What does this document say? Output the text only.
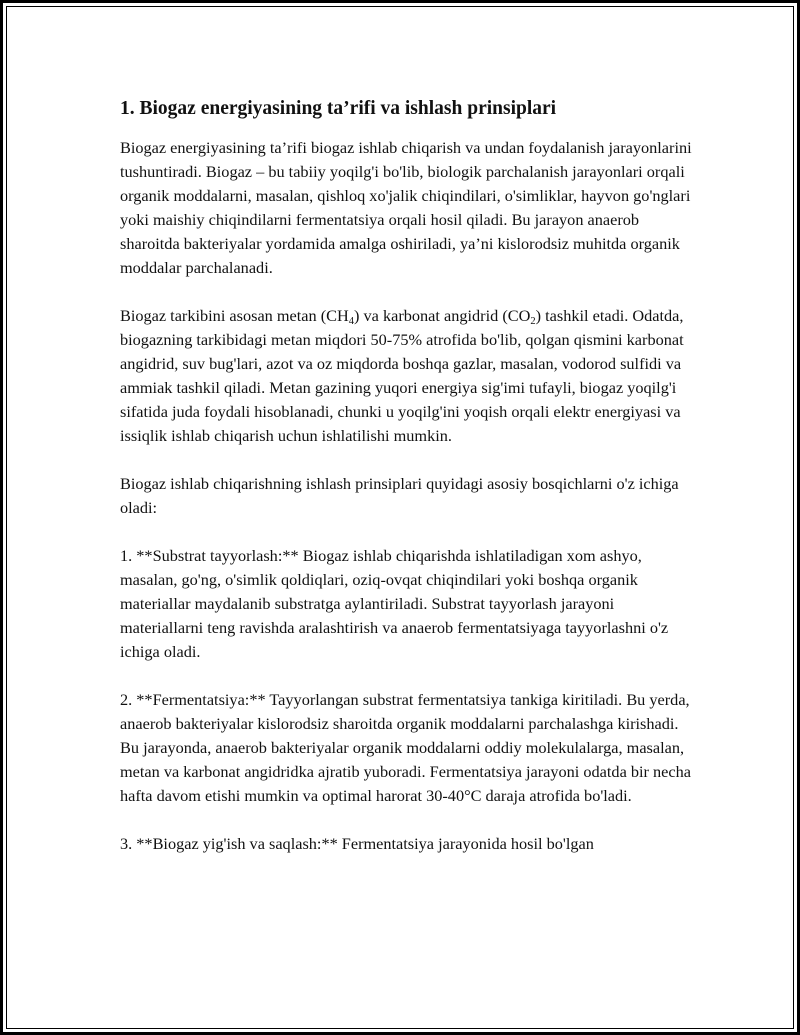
1. Biogaz energiyasining ta’rifi va ishlash prinsiplari

Biogaz energiyasining ta’rifi biogaz ishlab chiqarish va undan foydalanish jarayonlarini tushuntiradi. Biogaz – bu tabiiy yoqilg'i bo'lib, biologik parchalanish jarayonlari orqali organik moddalarni, masalan, qishloq xo'jalik chiqindilari, o'simliklar, hayvon go'nglari yoki maishiy chiqindilarni fermentatsiya orqali hosil qiladi. Bu jarayon anaerob sharoitda bakteriyalar yordamida amalga oshiriladi, ya’ni kislorodsiz muhitda organik moddalar parchalanadi.

Biogaz tarkibini asosan metan $(CH_4)$ va karbonat angidrid $(CO_2)$ tashkil etadi. Odatda, biogazning tarkibidagi metan miqdori 50-75% atrofida bo'lib, qolgan qismini karbonat angidrid, suv bug'lari, azot va oz miqdorda boshqa gazlar, masalan, vodorod sulfidi va ammiak tashkil qiladi. Metan gazining yuqori energiya sig'imi tufayli, biogaz yoqilg'i sifatida juda foydali hisoblanadi, chunki u yoqilg'ini yoqish orqali elektr energiyasi va issiqlik ishlab chiqarish uchun ishlatilishi mumkin.

Biogaz ishlab chiqarishning ishlash prinsiplari quyidagi asosiy bosqichlarni o'z ichiga oladi:

1. **Substrat tayyorlash:** Biogaz ishlab chiqarishda ishlatiladigan xom ashyo, masalan, go'ng, o'simlik qoldiqlari, oziq-ovqat chiqindilari yoki boshqa organik materiallar maydalanib substratga aylantiriladi. Substrat tayyorlash jarayoni materiallarni teng ravishda aralashtirish va anaerob fermentatsiyaga tayyorlashni o'z ichiga oladi.

2. **Fermentatsiya:** Tayyorlangan substrat fermentatsiya tankiga kiritiladi. Bu yerda, anaerob bakteriyalar kislorodsiz sharoitda organik moddalarni parchalashga kirishadi. Bu jarayonda, anaerob bakteriyalar organik moddalarni oddiy molekulalarga, masalan, metan va karbonat angidridka ajratib yuboradi. Fermentatsiya jarayoni odatda bir necha hafta davom etishi mumkin va optimal harorat 30-40°C daraja atrofida bo'ladi.

3. **Biogaz yig'ish va saqlash:** Fermentatsiya jarayonida hosil bo'lgan
